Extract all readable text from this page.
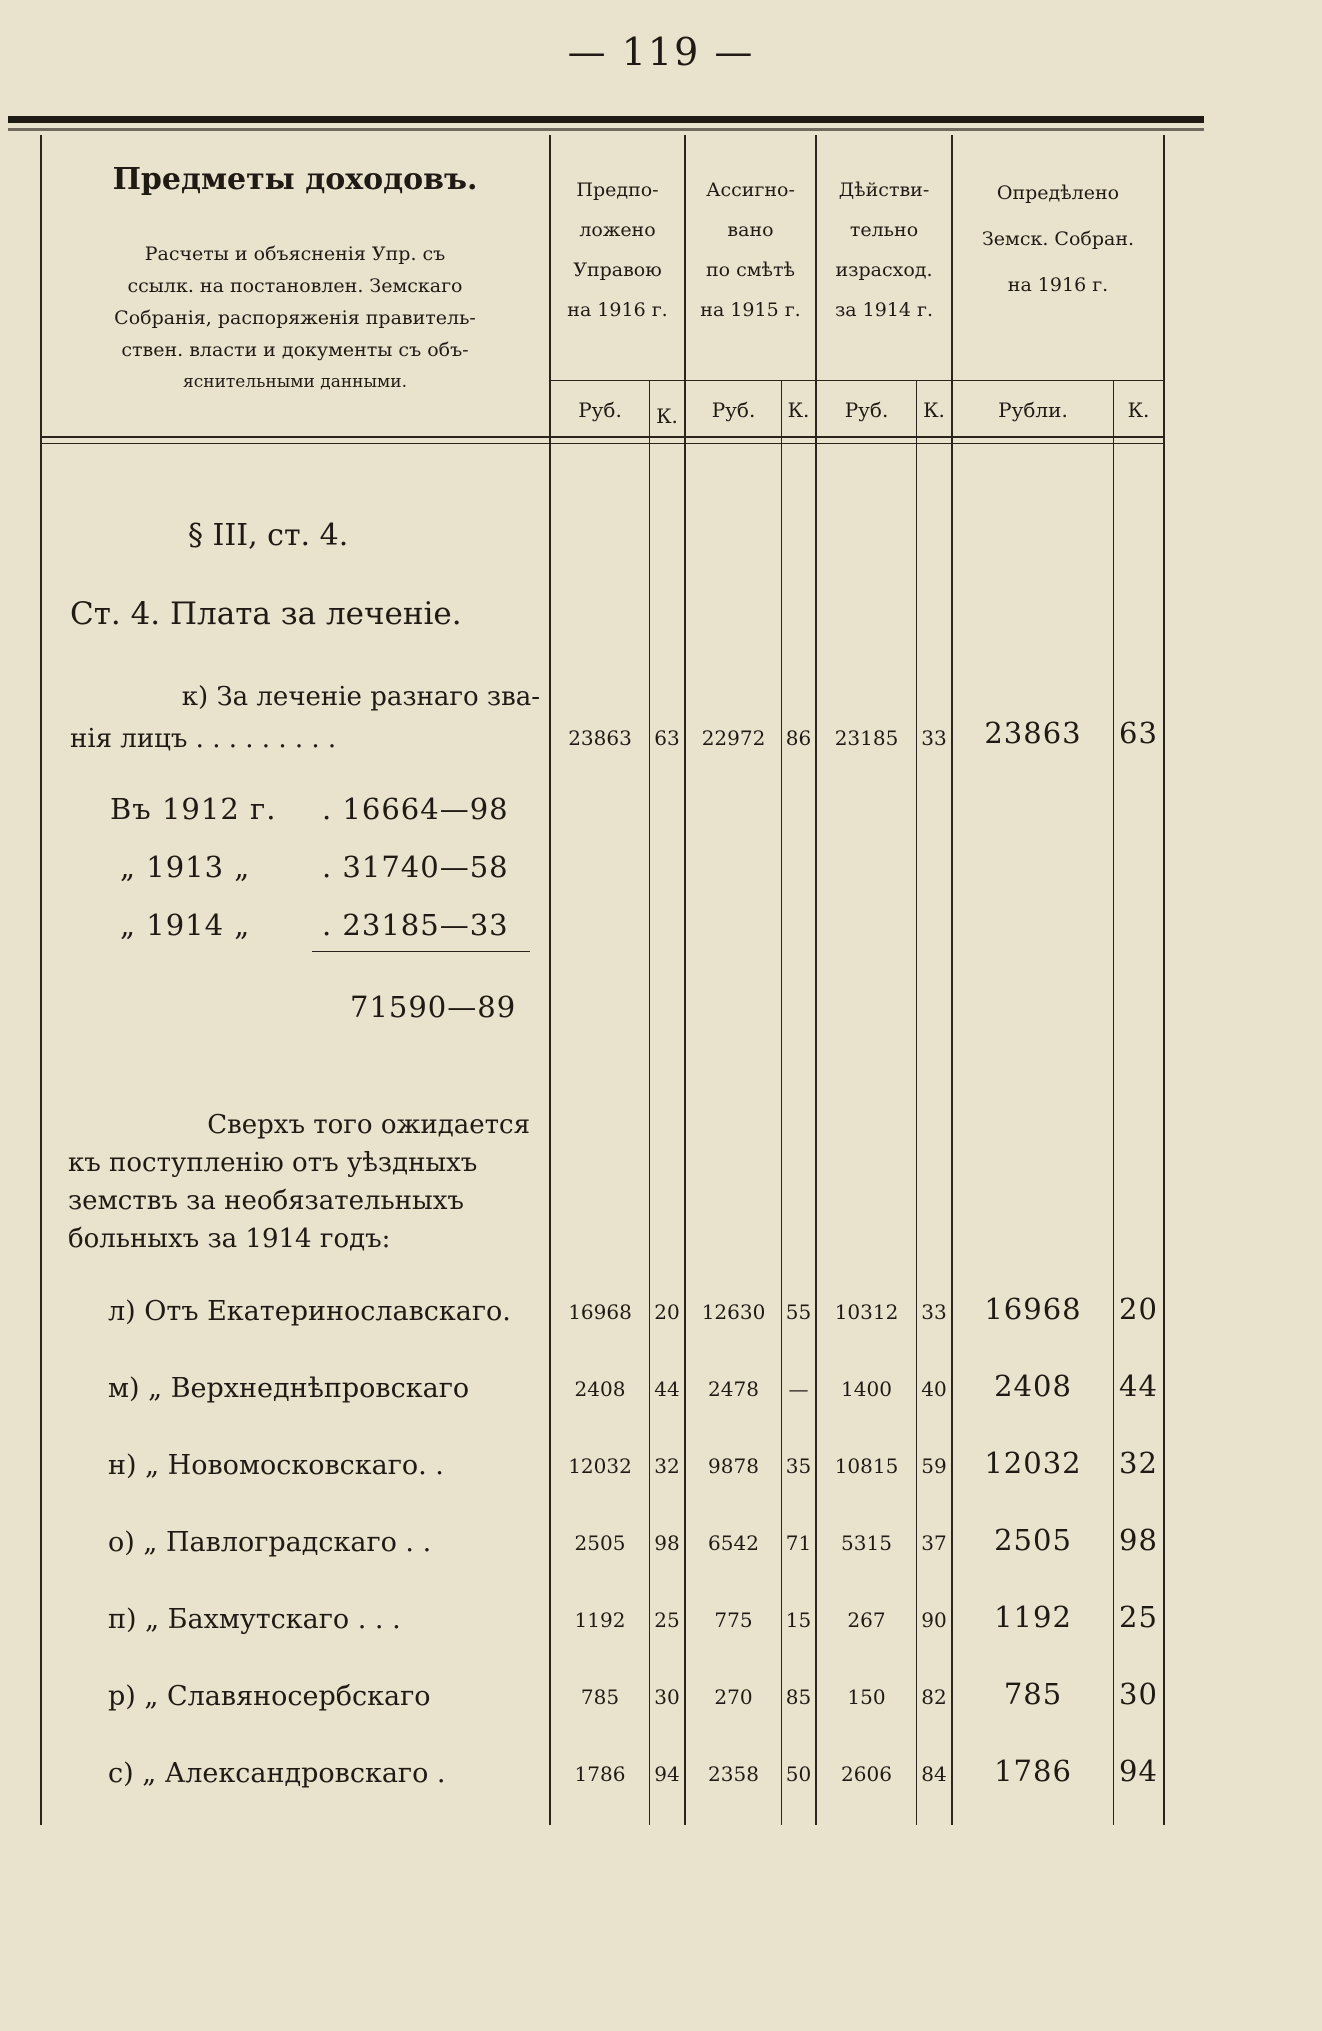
— 119 —
Предметы доходовъ.
Расчеты и объясненія Упр. съ
ссылк. на постановлен. Земскаго
Собранія, распоряженія правитель-
ствен. власти и документы съ объ-
яснительными данными.
Предпо-
ложено
Управою
на 1916 г.
Ассигно-
вано
по смѣтѣ
на 1915 г.
Дѣйстви-
тельно
израсход.
за 1914 г.
Опредѣлено
Земск. Собран.
на 1916 г.
Руб.	К.	Руб.	К.	Руб.	К.	Рубли.	К.
§ III, ст. 4.
Ст. 4. Плата за леченіе.
к) За леченіе разнаго зва-
нія лицъ . . . . . . . . .	23863	63	22972	86	23185	33	23863	63
Въ 1912 г. . 16664—98
„ 1913 „ . 31740—58
„ 1914 „ . 23185—33
71590—89
Сверхъ того ожидается
къ поступленію отъ уѣздныхъ
земствъ за необязательныхъ
больныхъ за 1914 годъ:
л) Отъ Екатеринославскаго.	16968	20	12630	55	10312	33	16968	20
м) „ Верхнеднѣпровскаго	2408	44	2478	—	1400	40	2408	44
н) „ Новомосковскаго. .	12032	32	9878	35	10815	59	12032	32
о) „ Павлоградскаго . .	2505	98	6542	71	5315	37	2505	98
п) „ Бахмутскаго . . .	1192	25	775	15	267	90	1192	25
р) „ Славяносербскаго	785	30	270	85	150	82	785	30
с) „ Александровскаго .	1786	94	2358	50	2606	84	1786	94
